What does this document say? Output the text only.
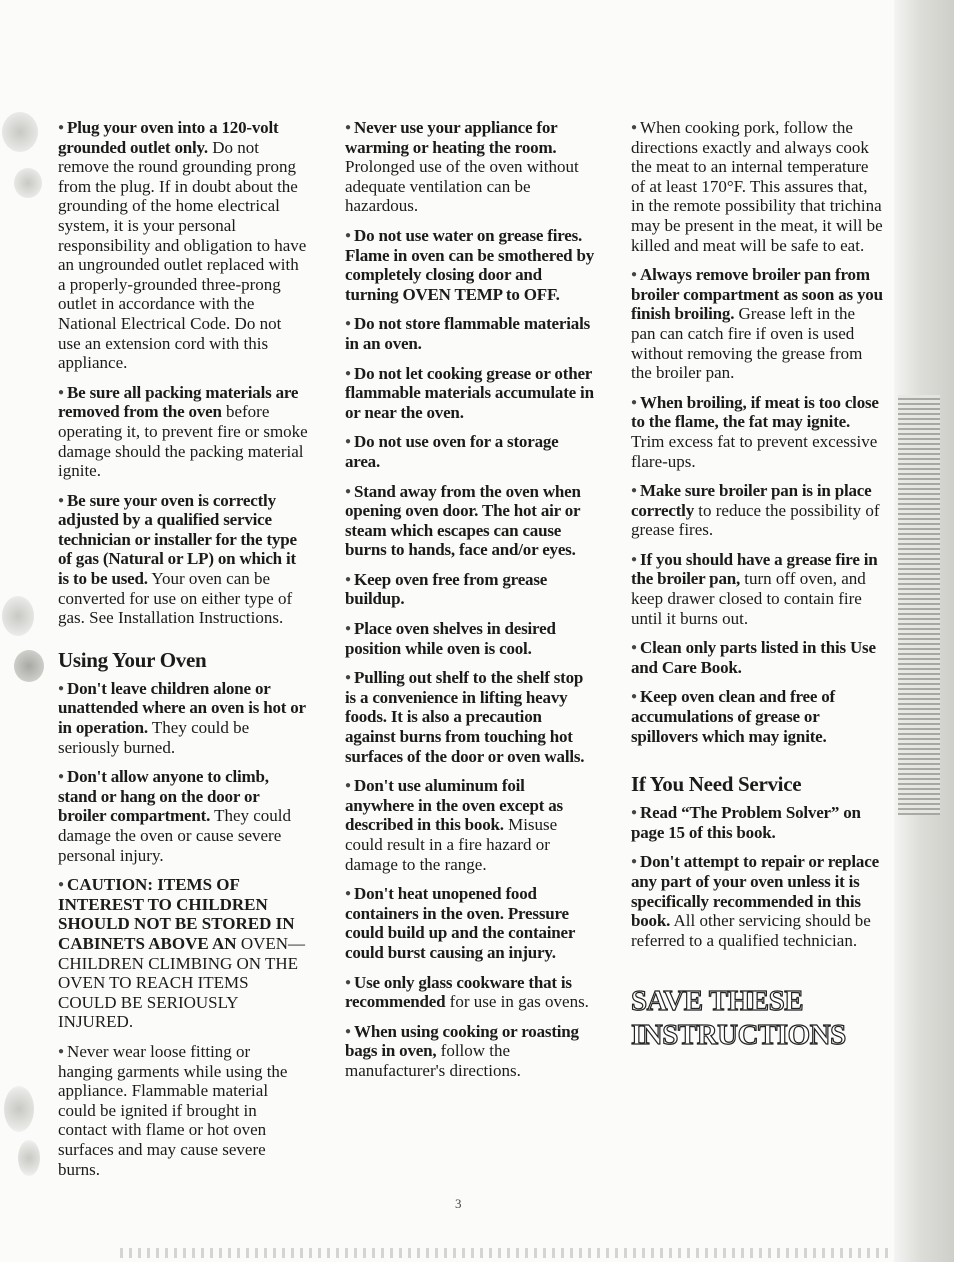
● Plug your oven into a 120-volt grounded outlet only. Do not remove the round grounding prong from the plug. If in doubt about the grounding of the home electrical system, it is your personal responsibility and obligation to have an ungrounded outlet replaced with a properly-grounded three-prong outlet in accordance with the National Electrical Code. Do not use an extension cord with this appliance.
● Be sure all packing materials are removed from the oven before operating it, to prevent fire or smoke damage should the packing material ignite.
● Be sure your oven is correctly adjusted by a qualified service technician or installer for the type of gas (Natural or LP) on which it is to be used. Your oven can be converted for use on either type of gas. See Installation Instructions.
Using Your Oven
● Don't leave children alone or unattended where an oven is hot or in operation. They could be seriously burned.
● Don't allow anyone to climb, stand or hang on the door or broiler compartment. They could damage the oven or cause severe personal injury.
● CAUTION: ITEMS OF INTEREST TO CHILDREN SHOULD NOT BE STORED IN CABINETS ABOVE AN OVEN—CHILDREN CLIMBING ON THE OVEN TO REACH ITEMS COULD BE SERIOUSLY INJURED.
● Never wear loose fitting or hanging garments while using the appliance. Flammable material could be ignited if brought in contact with flame or hot oven surfaces and may cause severe burns.
● Never use your appliance for warming or heating the room. Prolonged use of the oven without adequate ventilation can be hazardous.
● Do not use water on grease fires. Flame in oven can be smothered by completely closing door and turning OVEN TEMP to OFF.
● Do not store flammable materials in an oven.
● Do not let cooking grease or other flammable materials accumulate in or near the oven.
● Do not use oven for a storage area.
● Stand away from the oven when opening oven door. The hot air or steam which escapes can cause burns to hands, face and/or eyes.
● Keep oven free from grease buildup.
● Place oven shelves in desired position while oven is cool.
● Pulling out shelf to the shelf stop is a convenience in lifting heavy foods. It is also a precaution against burns from touching hot surfaces of the door or oven walls.
● Don't use aluminum foil anywhere in the oven except as described in this book. Misuse could result in a fire hazard or damage to the range.
● Don't heat unopened food containers in the oven. Pressure could build up and the container could burst causing an injury.
● Use only glass cookware that is recommended for use in gas ovens.
● When using cooking or roasting bags in oven, follow the manufacturer's directions.
● When cooking pork, follow the directions exactly and always cook the meat to an internal temperature of at least 170°F. This assures that, in the remote possibility that trichina may be present in the meat, it will be killed and meat will be safe to eat.
● Always remove broiler pan from broiler compartment as soon as you finish broiling. Grease left in the pan can catch fire if oven is used without removing the grease from the broiler pan.
● When broiling, if meat is too close to the flame, the fat may ignite. Trim excess fat to prevent excessive flare-ups.
● Make sure broiler pan is in place correctly to reduce the possibility of grease fires.
● If you should have a grease fire in the broiler pan, turn off oven, and keep drawer closed to contain fire until it burns out.
● Clean only parts listed in this Use and Care Book.
● Keep oven clean and free of accumulations of grease or spillovers which may ignite.
If You Need Service
● Read “The Problem Solver” on page 15 of this book.
● Don't attempt to repair or replace any part of your oven unless it is specifically recommended in this book. All other servicing should be referred to a qualified technician.
SAVE THESE
INSTRUCTIONS
3
